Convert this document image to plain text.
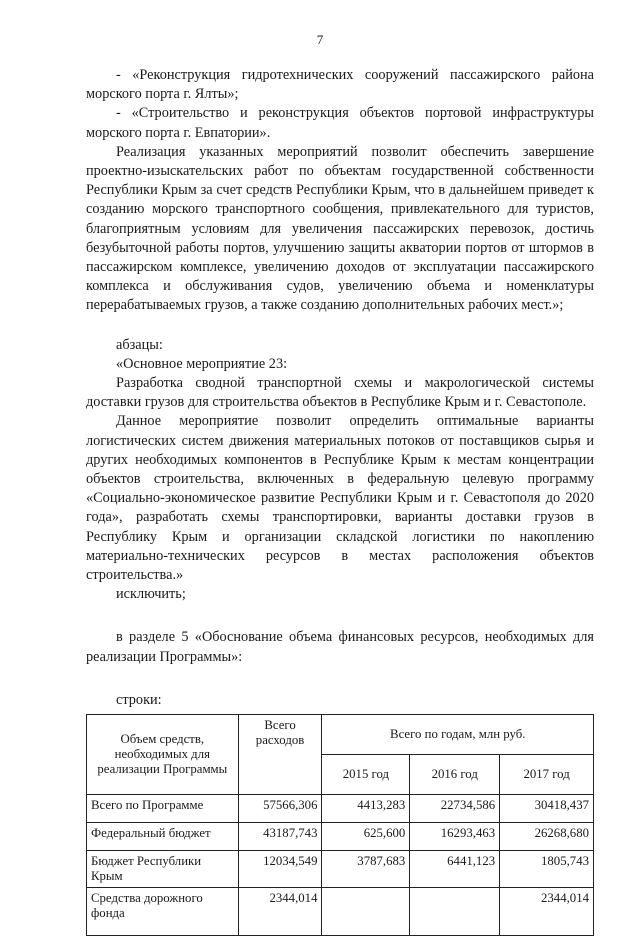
7

- «Реконструкция гидротехнических сооружений пассажирского района морского порта г. Ялты»;

- «Строительство и реконструкция объектов портовой инфраструктуры морского порта г. Евпатории».

Реализация указанных мероприятий позволит обеспечить завершение проектно-изыскательских работ по объектам государственной собственности Республики Крым за счет средств Республики Крым, что в дальнейшем приведет к созданию морского транспортного сообщения, привлекательного для туристов, благоприятным условиям для увеличения пассажирских перевозок, достичь безубыточной работы портов, улучшению защиты акватории портов от штормов в пассажирском комплексе, увеличению доходов от эксплуатации пассажирского комплекса и обслуживания судов, увеличению объема и номенклатуры перерабатываемых грузов, а также созданию дополнительных рабочих мест.»;

абзацы:

«Основное мероприятие 23:

Разработка сводной транспортной схемы и макрологической системы доставки грузов для строительства объектов в Республике Крым и г. Севастополе.

Данное мероприятие позволит определить оптимальные варианты логистических систем движения материальных потоков от поставщиков сырья и других необходимых компонентов в Республике Крым к местам концентрации объектов строительства, включенных в федеральную целевую программу «Социально-экономическое развитие Республики Крым и г. Севастополя до 2020 года», разработать схемы транспортировки, варианты доставки грузов в Республику Крым и организации складской логистики по накоплению материально-технических ресурсов в местах расположения объектов строительства.»

исключить;

в разделе 5 «Обоснование объема финансовых ресурсов, необходимых для реализации Программы»:

строки:

Объем средств, необходимых для реализации Программы	Всего расходов	Всего по годам, млн руб.		
		2015 год	2016 год	2017 год
Всего по Программе	57566,306	4413,283	22734,586	30418,437
Федеральный бюджет	43187,743	625,600	16293,463	26268,680
Бюджет Республики Крым	12034,549	3787,683	6441,123	1805,743
Средства дорожного фонда	2344,014			2344,014
